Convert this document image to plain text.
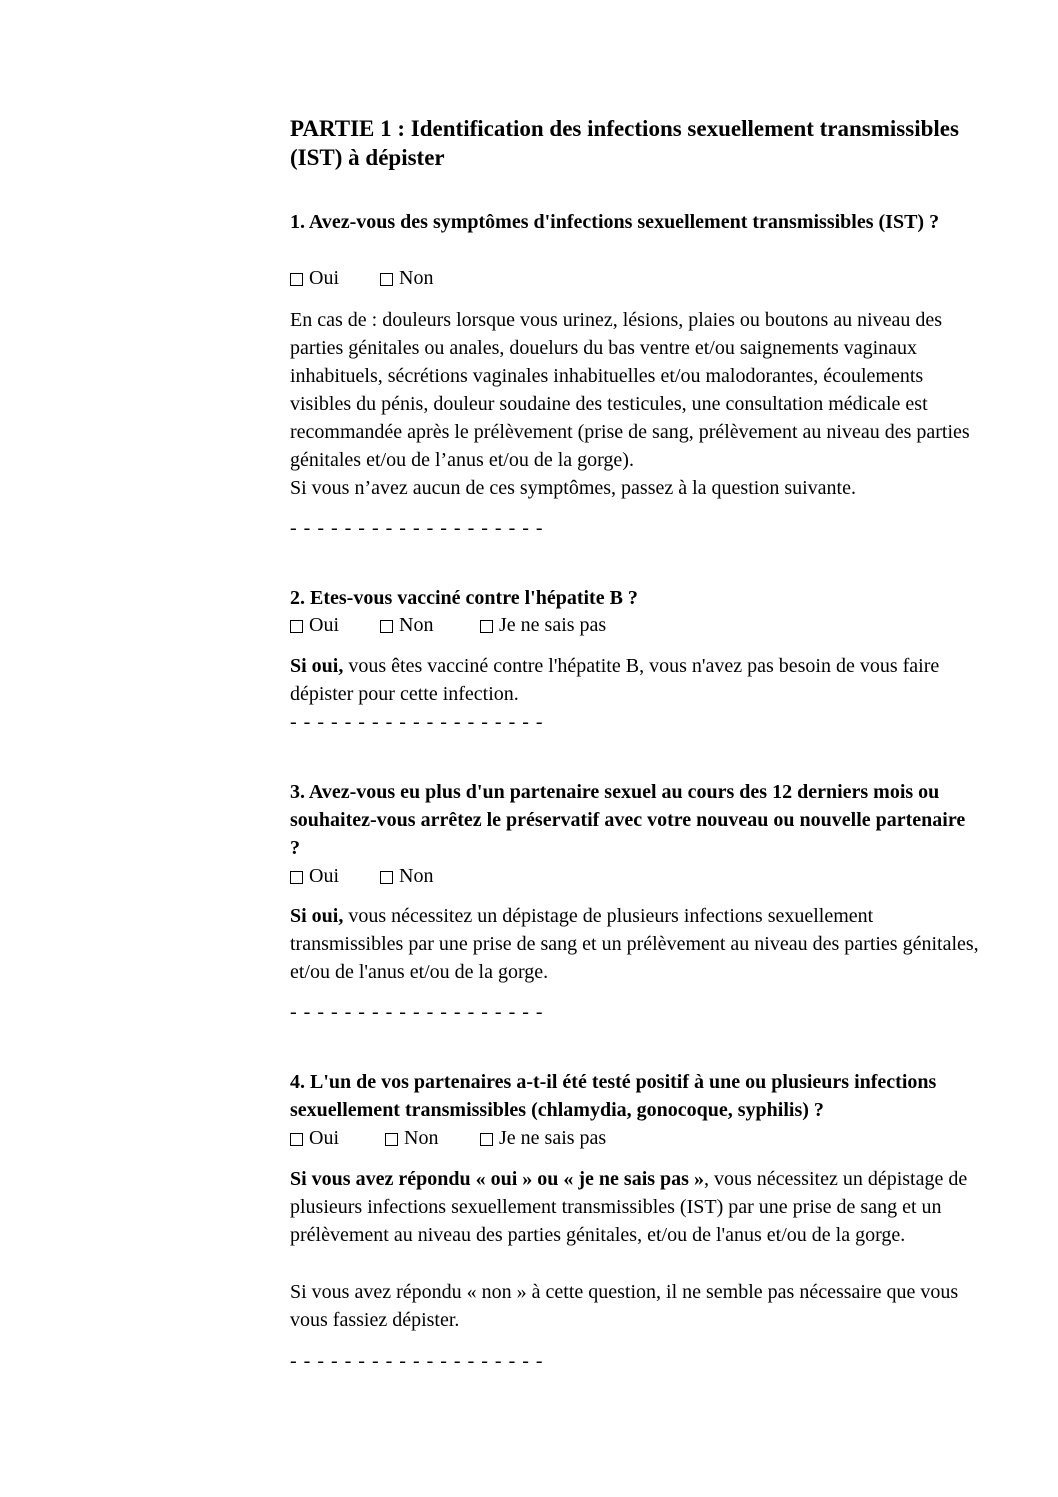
PARTIE 1 : Identification des infections sexuellement transmissibles (IST) à dépister

1. Avez-vous des symptômes d'infections sexuellement transmissibles (IST) ?

Oui	Non

En cas de : douleurs lorsque vous urinez, lésions, plaies ou boutons au niveau des parties génitales ou anales, douelurs du bas ventre et/ou saignements vaginaux inhabituels, sécrétions vaginales inhabituelles et/ou malodorantes, écoulements visibles du pénis, douleur soudaine des testicules, une consultation médicale est recommandée après le prélèvement (prise de sang, prélèvement au niveau des parties génitales et/ou de l’anus et/ou de la gorge).

Si vous n’avez aucun de ces symptômes, passez à la question suivante.

- - - - - - - - - - - - - - - - - - -

2. Etes-vous vacciné contre l'hépatite B ?

Oui	Non	Je ne sais pas

Si oui, vous êtes vacciné contre l'hépatite B, vous n'avez pas besoin de vous faire dépister pour cette infection.

- - - - - - - - - - - - - - - - - - -

3. Avez-vous eu plus d'un partenaire sexuel au cours des 12 derniers mois ou souhaitez-vous arrêtez le préservatif avec votre nouveau ou nouvelle partenaire ?

Oui	Non

Si oui, vous nécessitez un dépistage de plusieurs infections sexuellement transmissibles par une prise de sang et un prélèvement au niveau des parties génitales, et/ou de l'anus et/ou de la gorge.

- - - - - - - - - - - - - - - - - - -

4. L'un de vos partenaires a-t-il été testé positif à une ou plusieurs infections sexuellement transmissibles (chlamydia, gonocoque, syphilis) ?

Oui	Non	Je ne sais pas

Si vous avez répondu « oui » ou « je ne sais pas », vous nécessitez un dépistage de plusieurs infections sexuellement transmissibles (IST) par une prise de sang et un prélèvement au niveau des parties génitales, et/ou de l'anus et/ou de la gorge.

Si vous avez répondu « non » à cette question, il ne semble pas nécessaire que vous vous fassiez dépister.

- - - - - - - - - - - - - - - - - - -
